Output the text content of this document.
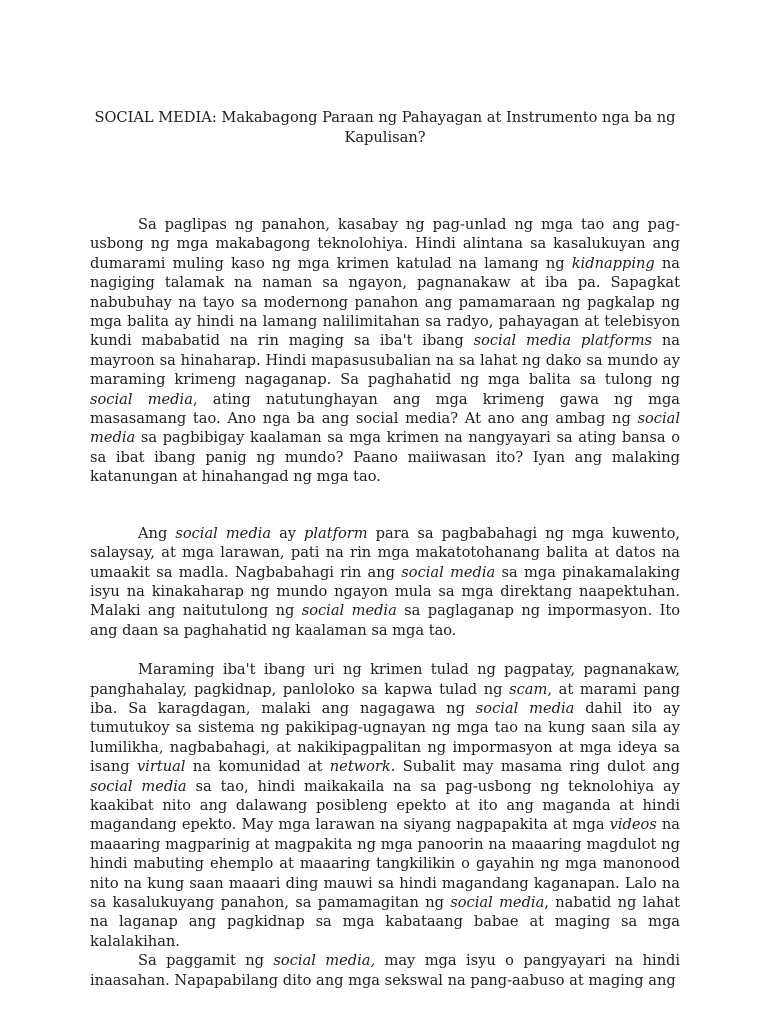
SOCIAL MEDIA: Makabagong Paraan ng Pahayagan at Instrumento nga ba ng Kapulisan?

Sa paglipas ng panahon, kasabay ng pag-unlad ng mga tao ang pag-usbong ng mga makabagong teknolohiya. Hindi alintana sa kasalukuyan ang dumarami muling kaso ng mga krimen katulad na lamang ng kidnapping na nagiging talamak na naman sa ngayon, pagnanakaw at iba pa. Sapagkat nabubuhay na tayo sa modernong panahon ang pamamaraan ng pagkalap ng mga balita ay hindi na lamang nalilimitahan sa radyo, pahayagan at telebisyon kundi mababatid na rin maging sa iba't ibang social media platforms na mayroon sa hinaharap. Hindi mapasusubalian na sa lahat ng dako sa mundo ay maraming krimeng nagaganap. Sa paghahatid ng mga balita sa tulong ng social media, ating natutunghayan ang mga krimeng gawa ng mga masasamang tao. Ano nga ba ang social media? At ano ang ambag ng social media sa pagbibigay kaalaman sa mga krimen na nangyayari sa ating bansa o sa ibat ibang panig ng mundo? Paano maiiwasan ito? Iyan ang malaking katanungan at hinahangad ng mga tao.

Ang social media ay platform para sa pagbabahagi ng mga kuwento, salaysay, at mga larawan, pati na rin mga makatotohanang balita at datos na umaakit sa madla. Nagbabahagi rin ang social media sa mga pinakamalaking isyu na kinakaharap ng mundo ngayon mula sa mga direktang naapektuhan. Malaki ang naitutulong ng social media sa paglaganap ng impormasyon. Ito ang daan sa paghahatid ng kaalaman sa mga tao.

Maraming iba't ibang uri ng krimen tulad ng pagpatay, pagnanakaw, panghahalay, pagkidnap, panloloko sa kapwa tulad ng scam, at marami pang iba. Sa karagdagan, malaki ang nagagawa ng social media dahil ito ay tumutukoy sa sistema ng pakikipag-ugnayan ng mga tao na kung saan sila ay lumilikha, nagbabahagi, at nakikipagpalitan ng impormasyon at mga ideya sa isang virtual na komunidad at network. Subalit may masama ring dulot ang social media sa tao, hindi maikakaila na sa pag-usbong ng teknolohiya ay kaakibat nito ang dalawang posibleng epekto at ito ang maganda at hindi magandang epekto. May mga larawan na siyang nagpapakita at mga videos na maaaring magparinig at magpakita ng mga panoorin na maaaring magdulot ng hindi mabuting ehemplo at maaaring tangkilikin o gayahin ng mga manonood nito na kung saan maaari ding mauwi sa hindi magandang kaganapan. Lalo na sa kasalukuyang panahon, sa pamamagitan ng social media, nabatid ng lahat na laganap ang pagkidnap sa mga kabataang babae at maging sa mga kalalakihan.

Sa paggamit ng social media, may mga isyu o pangyayari na hindi inaasahan. Napapabilang dito ang mga sekswal na pang-aabuso at maging ang
